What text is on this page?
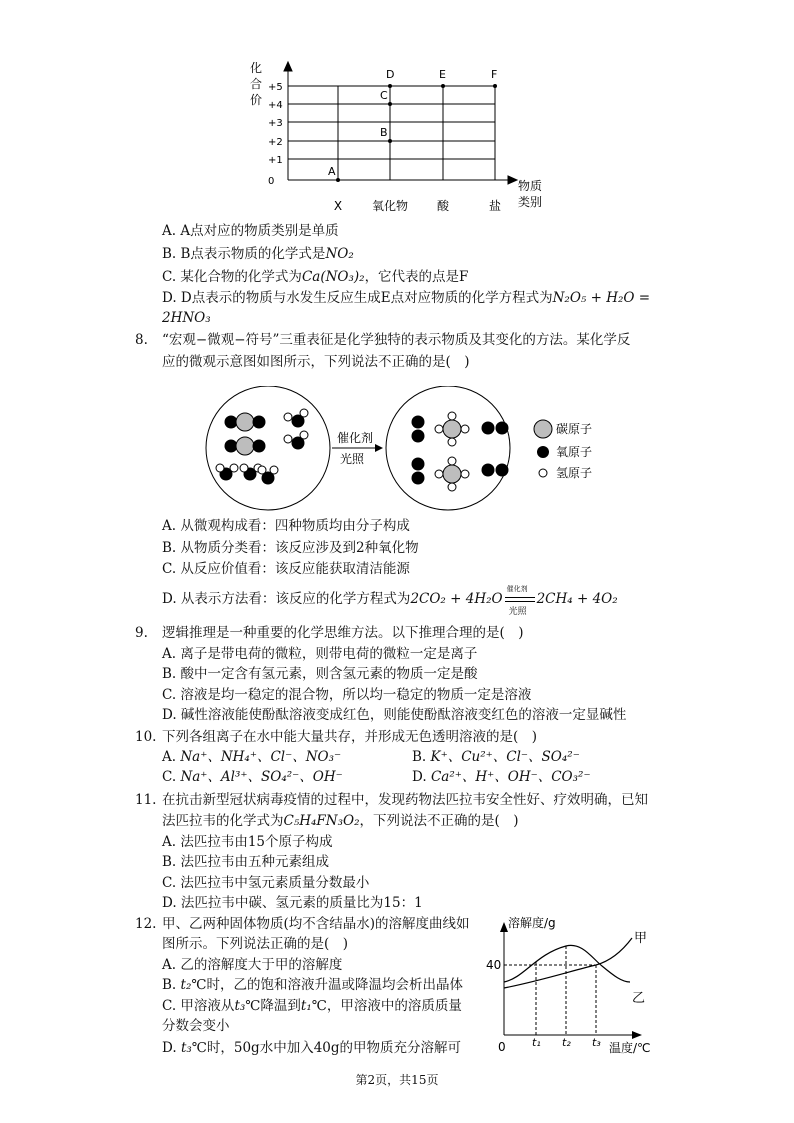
化
合
价
+5
+4
+3
+2
+1
0
X 氧化物 酸	盐
A
B
C
D	E	F
物质
类别
A. A点对应的物质类别是单质
B. B点表示物质的化学式是NO₂
C. 某化合物的化学式为Ca(NO₃)₂，它代表的点是F
D. D点表示的物质与水发生反应生成E点对应物质的化学方程式为N₂O₅ + H₂O =
2HNO₃
8. “宏观−微观−符号”三重表征是化学独特的表示物质及其变化的方法。某化学反
应的微观示意图如图所示，下列说法不正确的是(　)
催化剂
光照
碳原子
氧原子
氢原子
A. 从微观构成看：四种物质均由分子构成
B. 从物质分类看：该反应涉及到2种氧化物
C. 从反应价值看：该反应能获取清洁能源
D. 从表示方法看：该反应的化学方程式为2CO₂ + 4H₂O
催化剂
光照
2CH₄ + 4O₂
9. 逻辑推理是一种重要的化学思维方法。以下推理合理的是(　)
A. 离子是带电荷的微粒，则带电荷的微粒一定是离子
B. 酸中一定含有氢元素，则含氢元素的物质一定是酸
C. 溶液是均一稳定的混合物，所以均一稳定的物质一定是溶液
D. 碱性溶液能使酚酞溶液变成红色，则能使酚酞溶液变红色的溶液一定显碱性
10. 下列各组离子在水中能大量共存，并形成无色透明溶液的是(　)
A. Na⁺、NH₄⁺、Cl⁻、NO₃⁻	B. K⁺、Cu²⁺、Cl⁻、SO₄²⁻
C. Na⁺、Al³⁺、SO₄²⁻、OH⁻	D. Ca²⁺、H⁺、OH⁻、CO₃²⁻
11. 在抗击新型冠状病毒疫情的过程中，发现药物法匹拉韦安全性好、疗效明确，已知
法匹拉韦的化学式为C₅H₄FN₃O₂，下列说法不正确的是(　)
A. 法匹拉韦由15个原子构成
B. 法匹拉韦由五种元素组成
C. 法匹拉韦中氢元素质量分数最小
D. 法匹拉韦中碳、氢元素的质量比为15：1
12. 甲、乙两种固体物质(均不含结晶水)的溶解度曲线如
图所示。下列说法正确的是(　)
A. 乙的溶解度大于甲的溶解度
B. t₂℃时，乙的饱和溶液升温或降温均会析出晶体
C. 甲溶液从t₃℃降温到t₁℃，甲溶液中的溶质质量
分数会变小
D. t₃℃时，50g水中加入40g的甲物质充分溶解可
溶解度/g
温度/℃
0
40
t₁ t₂ t₃
甲
乙
第2页，共15页
